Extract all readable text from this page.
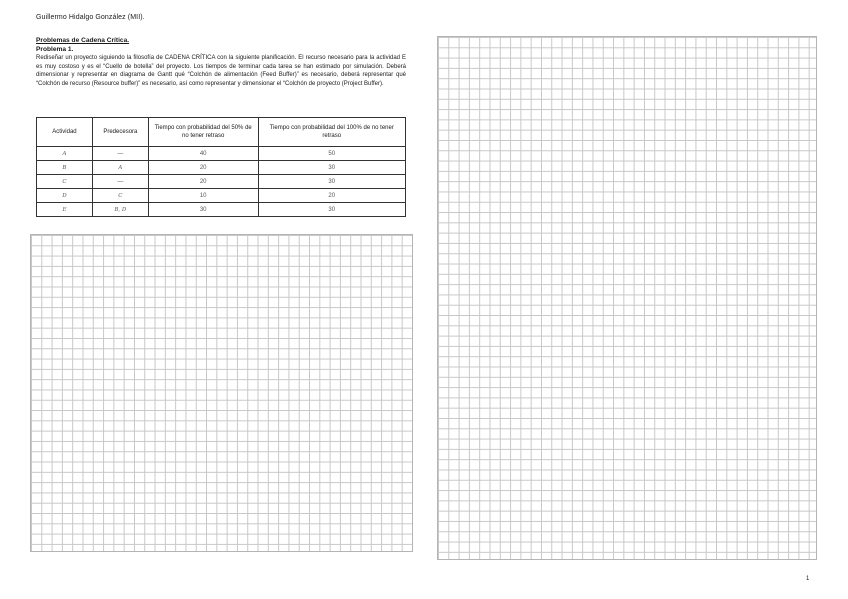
Guillermo Hidalgo González (MII).
Problemas de Cadena Crítica.
Problema 1.

Rediseñar un proyecto siguiendo la filosofía de CADENA CRÍTICA con la siguiente planificación. El recurso necesario para la actividad E es muy costoso y es el “Cuello de botella” del proyecto. Los tiempos de terminar cada tarea se han estimado por simulación. Deberá dimensionar y representar en diagrama de Gantt qué “Colchón de alimentación (Feed Buffer)” es necesario, deberá representar qué “Colchón de recurso (Resource buffer)” es necesario, así como representar y dimensionar el “Colchón de proyecto (Project Buffer).

Actividad	Predecesora	Tiempo con probabilidad del 50% de no tener retraso	Tiempo con probabilidad del 100% de no tener retraso
A	—	40	50
B	A	20	30
C	—	20	30
D	C	10	20
E	B, D	30	30
1
